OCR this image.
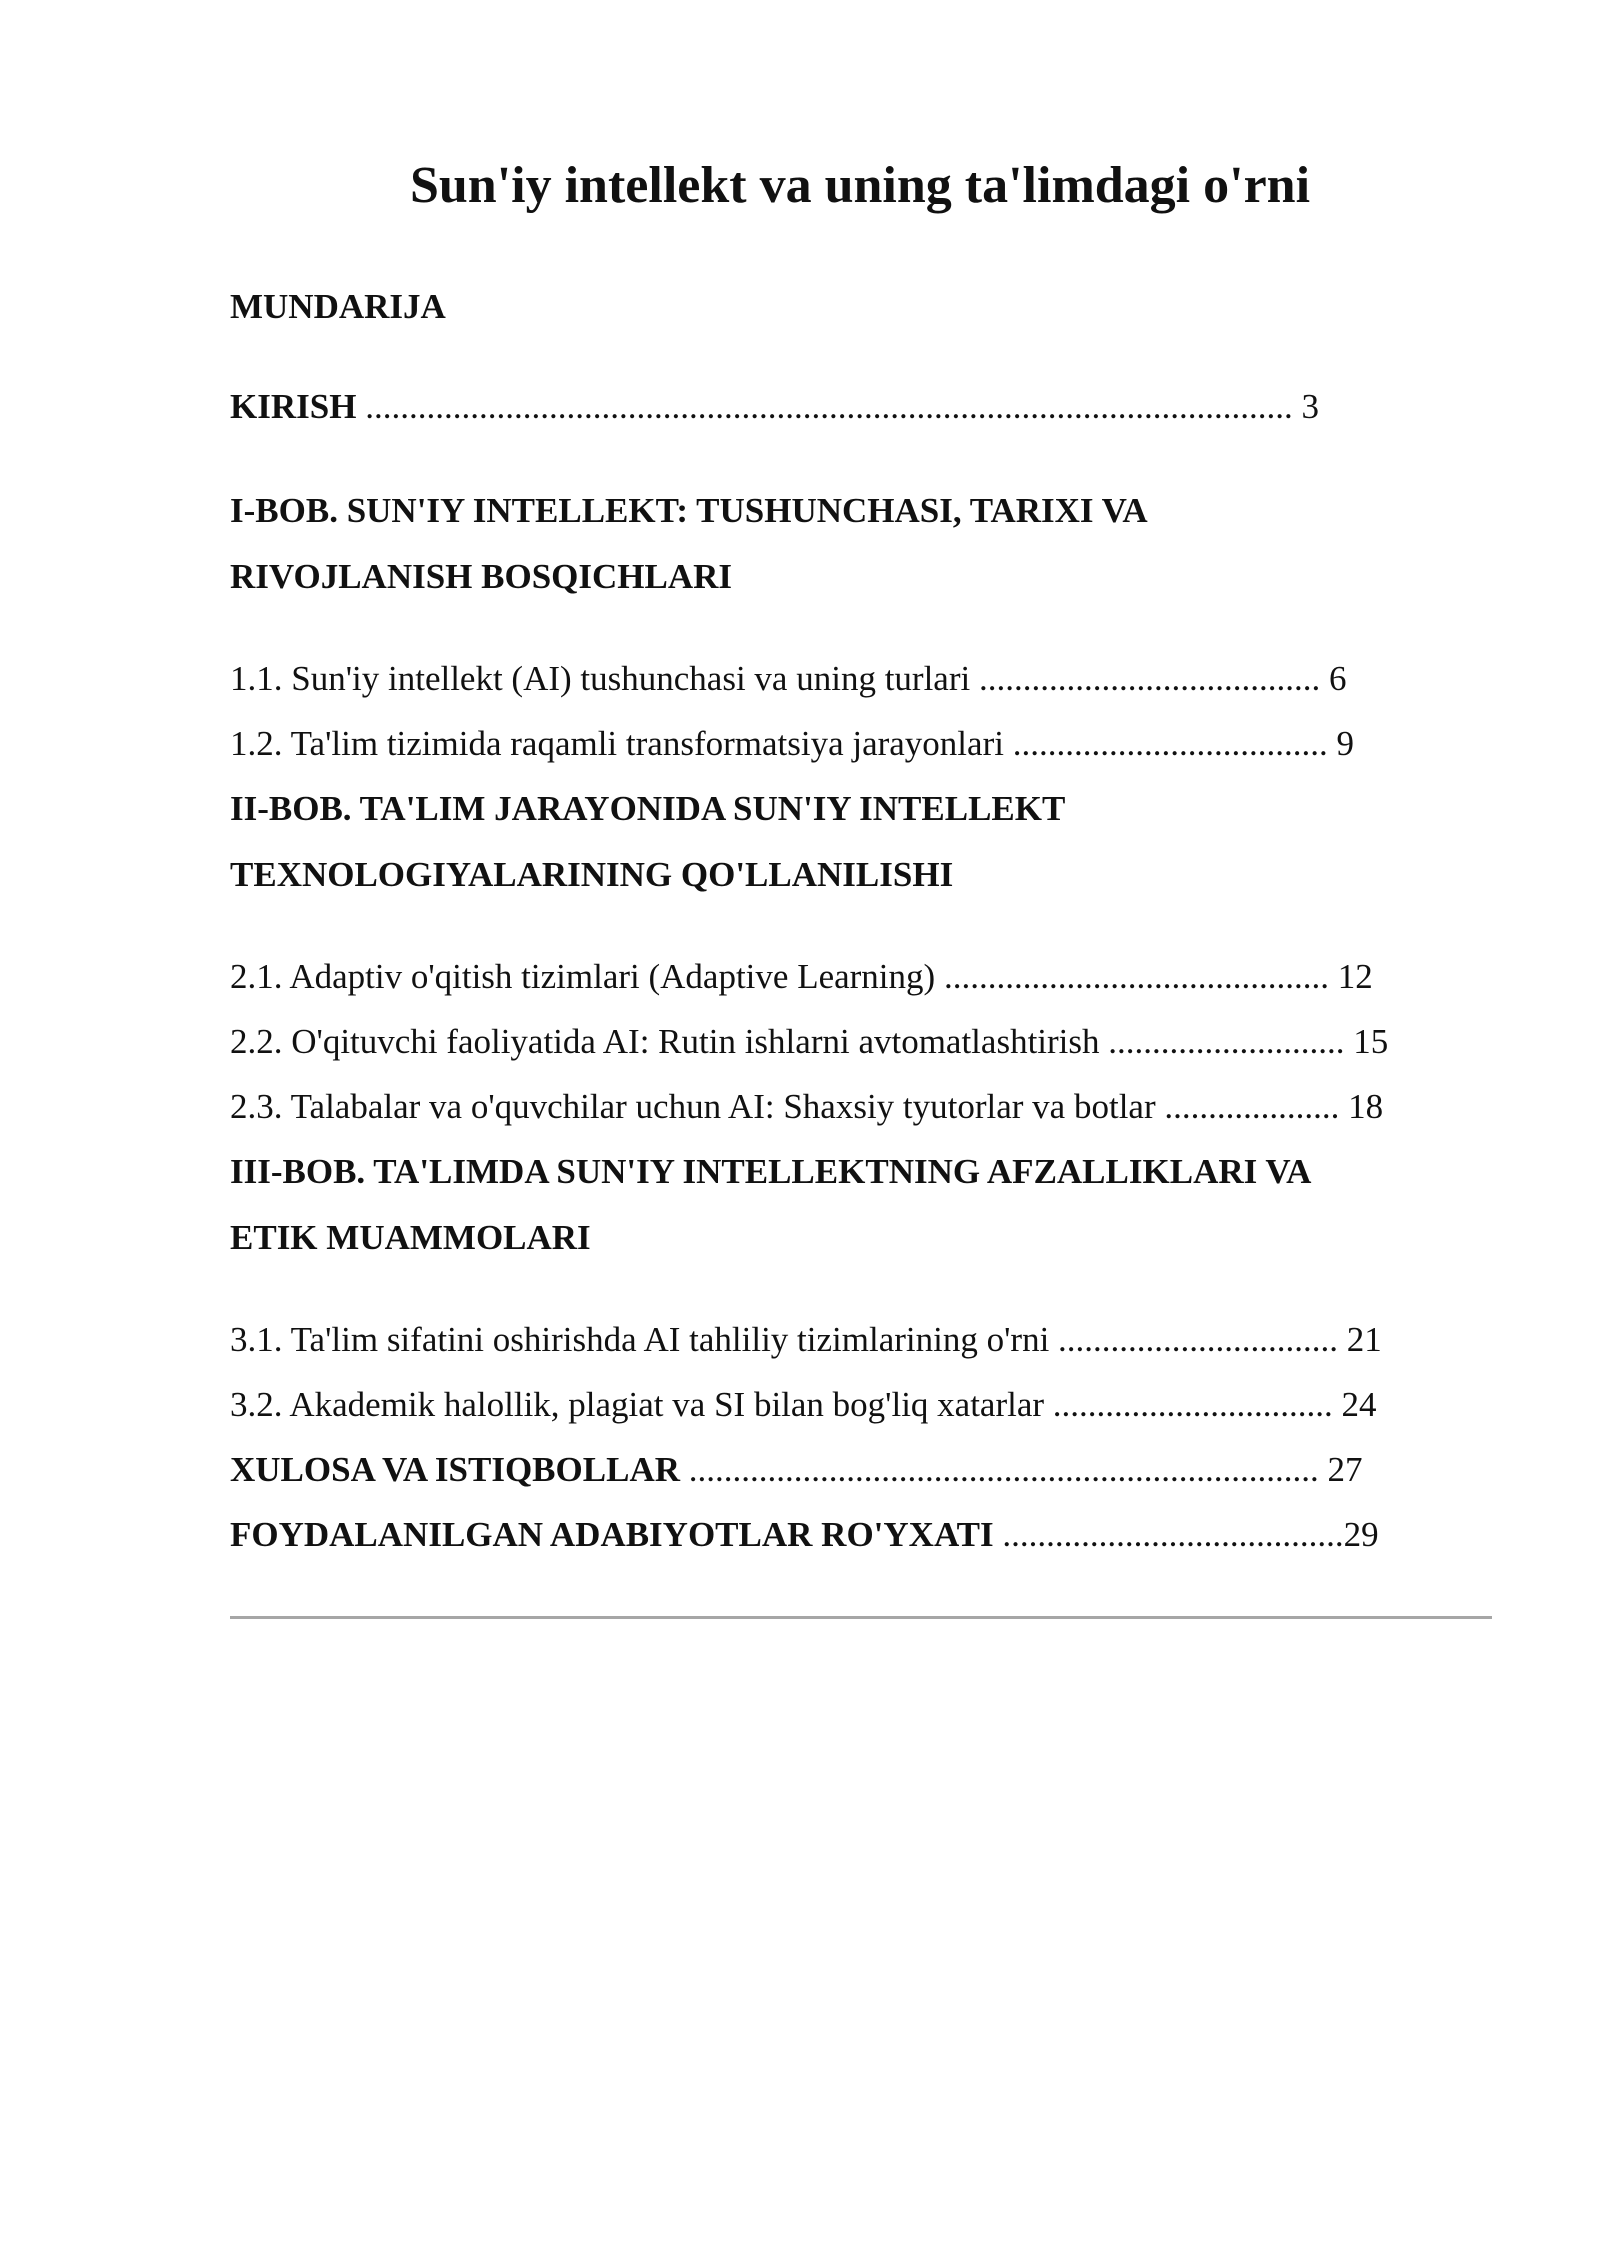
Sun'iy intellekt va uning ta'limdagi o'rni
MUNDARIJA
KIRISH .......................................................................................................... 3
I-BOB. SUN'IY INTELLEKT: TUSHUNCHASI, TARIXI VA
RIVOJLANISH BOSQICHLARI
1.1. Sun'iy intellekt (AI) tushunchasi va uning turlari ....................................... 6
1.2. Ta'lim tizimida raqamli transformatsiya jarayonlari .................................... 9
II-BOB. TA'LIM JARAYONIDA SUN'IY INTELLEKT
TEXNOLOGIYALARINING QO'LLANILISHI
2.1. Adaptiv o'qitish tizimlari (Adaptive Learning) ............................................ 12
2.2. O'qituvchi faoliyatida AI: Rutin ishlarni avtomatlashtirish ........................... 15
2.3. Talabalar va o'quvchilar uchun AI: Shaxsiy tyutorlar va botlar .................... 18
III-BOB. TA'LIMDA SUN'IY INTELLEKTNING AFZALLIKLARI VA
ETIK MUAMMOLARI
3.1. Ta'lim sifatini oshirishda AI tahliliy tizimlarining o'rni ................................ 21
3.2. Akademik halollik, plagiat va SI bilan bog'liq xatarlar ................................ 24
XULOSA VA ISTIQBOLLAR ........................................................................ 27
FOYDALANILGAN ADABIYOTLAR RO'YXATI .......................................29
